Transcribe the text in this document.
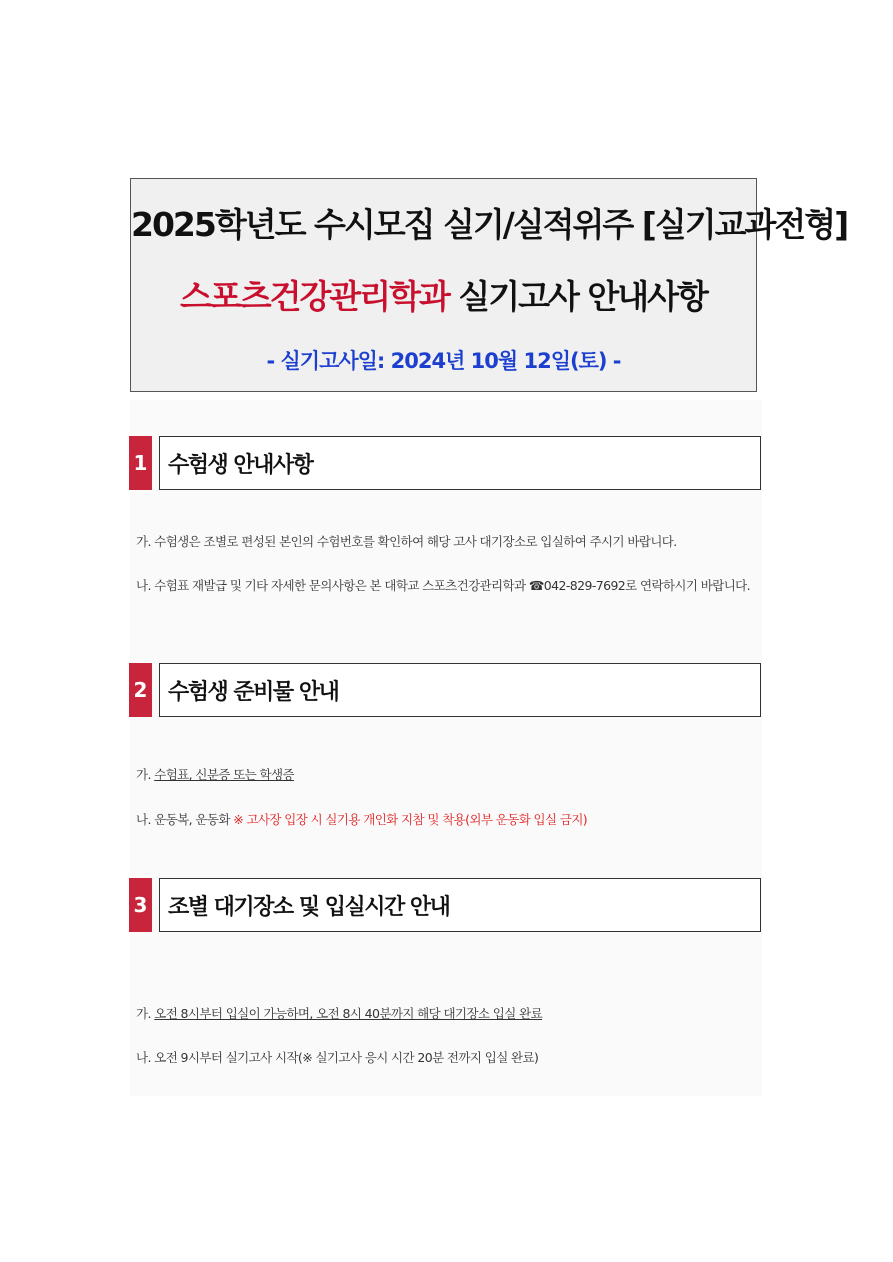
2025학년도 수시모집 실기/실적위주 [실기교과전형]
스포츠건강관리학과 실기고사 안내사항
- 실기고사일: 2024년 10월 12일(토) -
1 수험생 안내사항
가. 수험생은 조별로 편성된 본인의 수험번호를 확인하여 해당 고사 대기장소로 입실하여 주시기 바랍니다.
나. 수험표 재발급 및 기타 자세한 문의사항은 본 대학교 스포츠건강관리학과 ☎042-829-7692로 연락하시기 바랍니다.
2 수험생 준비물 안내
가. 수험표, 신분증 또는 학생증
나. 운동복, 운동화 ※ 고사장 입장 시 실기용 개인화 지참 및 착용(외부 운동화 입실 금지)
3 조별 대기장소 및 입실시간 안내
가. 오전 8시부터 입실이 가능하며, 오전 8시 40분까지 해당 대기장소 입실 완료
나. 오전 9시부터 실기고사 시작(※ 실기고사 응시 시간 20분 전까지 입실 완료)
